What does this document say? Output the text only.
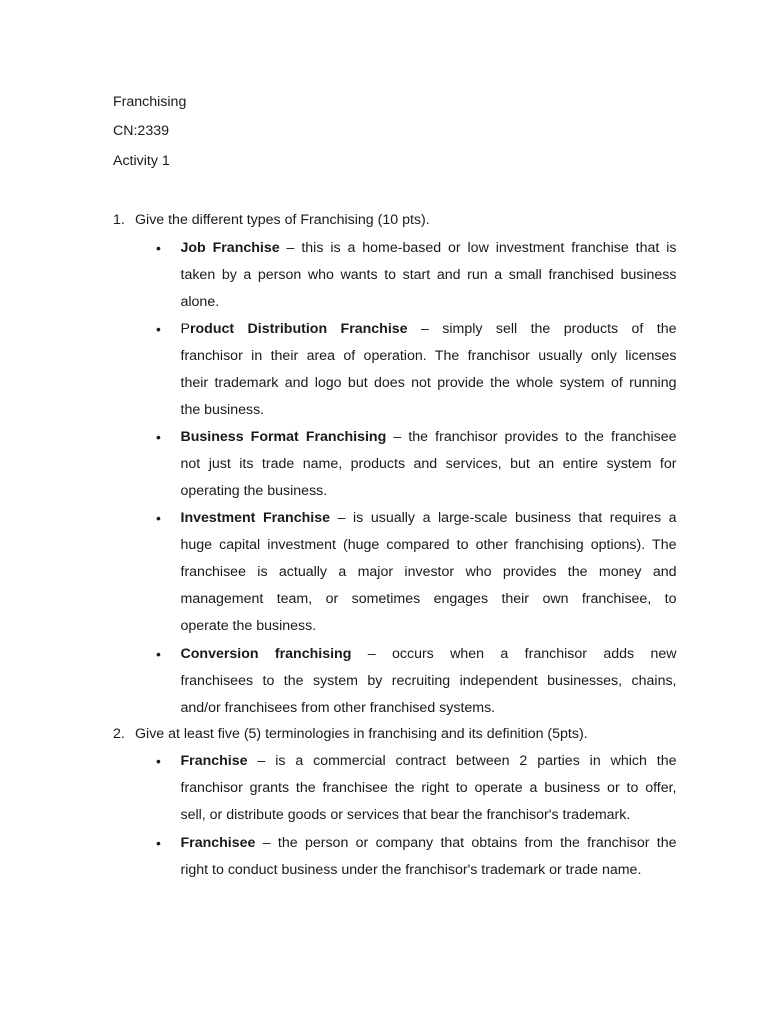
Franchising
CN:2339
Activity 1
1. Give the different types of Franchising (10 pts).
•	Job Franchise – this is a home-based or low investment franchise that is
taken by a person who wants to start and run a small franchised business
alone.
•	Product Distribution Franchise – simply sell the products of the
franchisor in their area of operation. The franchisor usually only licenses
their trademark and logo but does not provide the whole system of running
the business.
•	Business Format Franchising – the franchisor provides to the franchisee
not just its trade name, products and services, but an entire system for
operating the business.
•	Investment Franchise – is usually a large-scale business that requires a
huge capital investment (huge compared to other franchising options). The
franchisee is actually a major investor who provides the money and
management team, or sometimes engages their own franchisee, to
operate the business.
•	Conversion franchising – occurs when a franchisor adds new
franchisees to the system by recruiting independent businesses, chains,
and/or franchisees from other franchised systems.
2. Give at least five (5) terminologies in franchising and its definition (5pts).
•	Franchise – is a commercial contract between 2 parties in which the
franchisor grants the franchisee the right to operate a business or to offer,
sell, or distribute goods or services that bear the franchisor's trademark.
•	Franchisee – the person or company that obtains from the franchisor the
right to conduct business under the franchisor's trademark or trade name.
